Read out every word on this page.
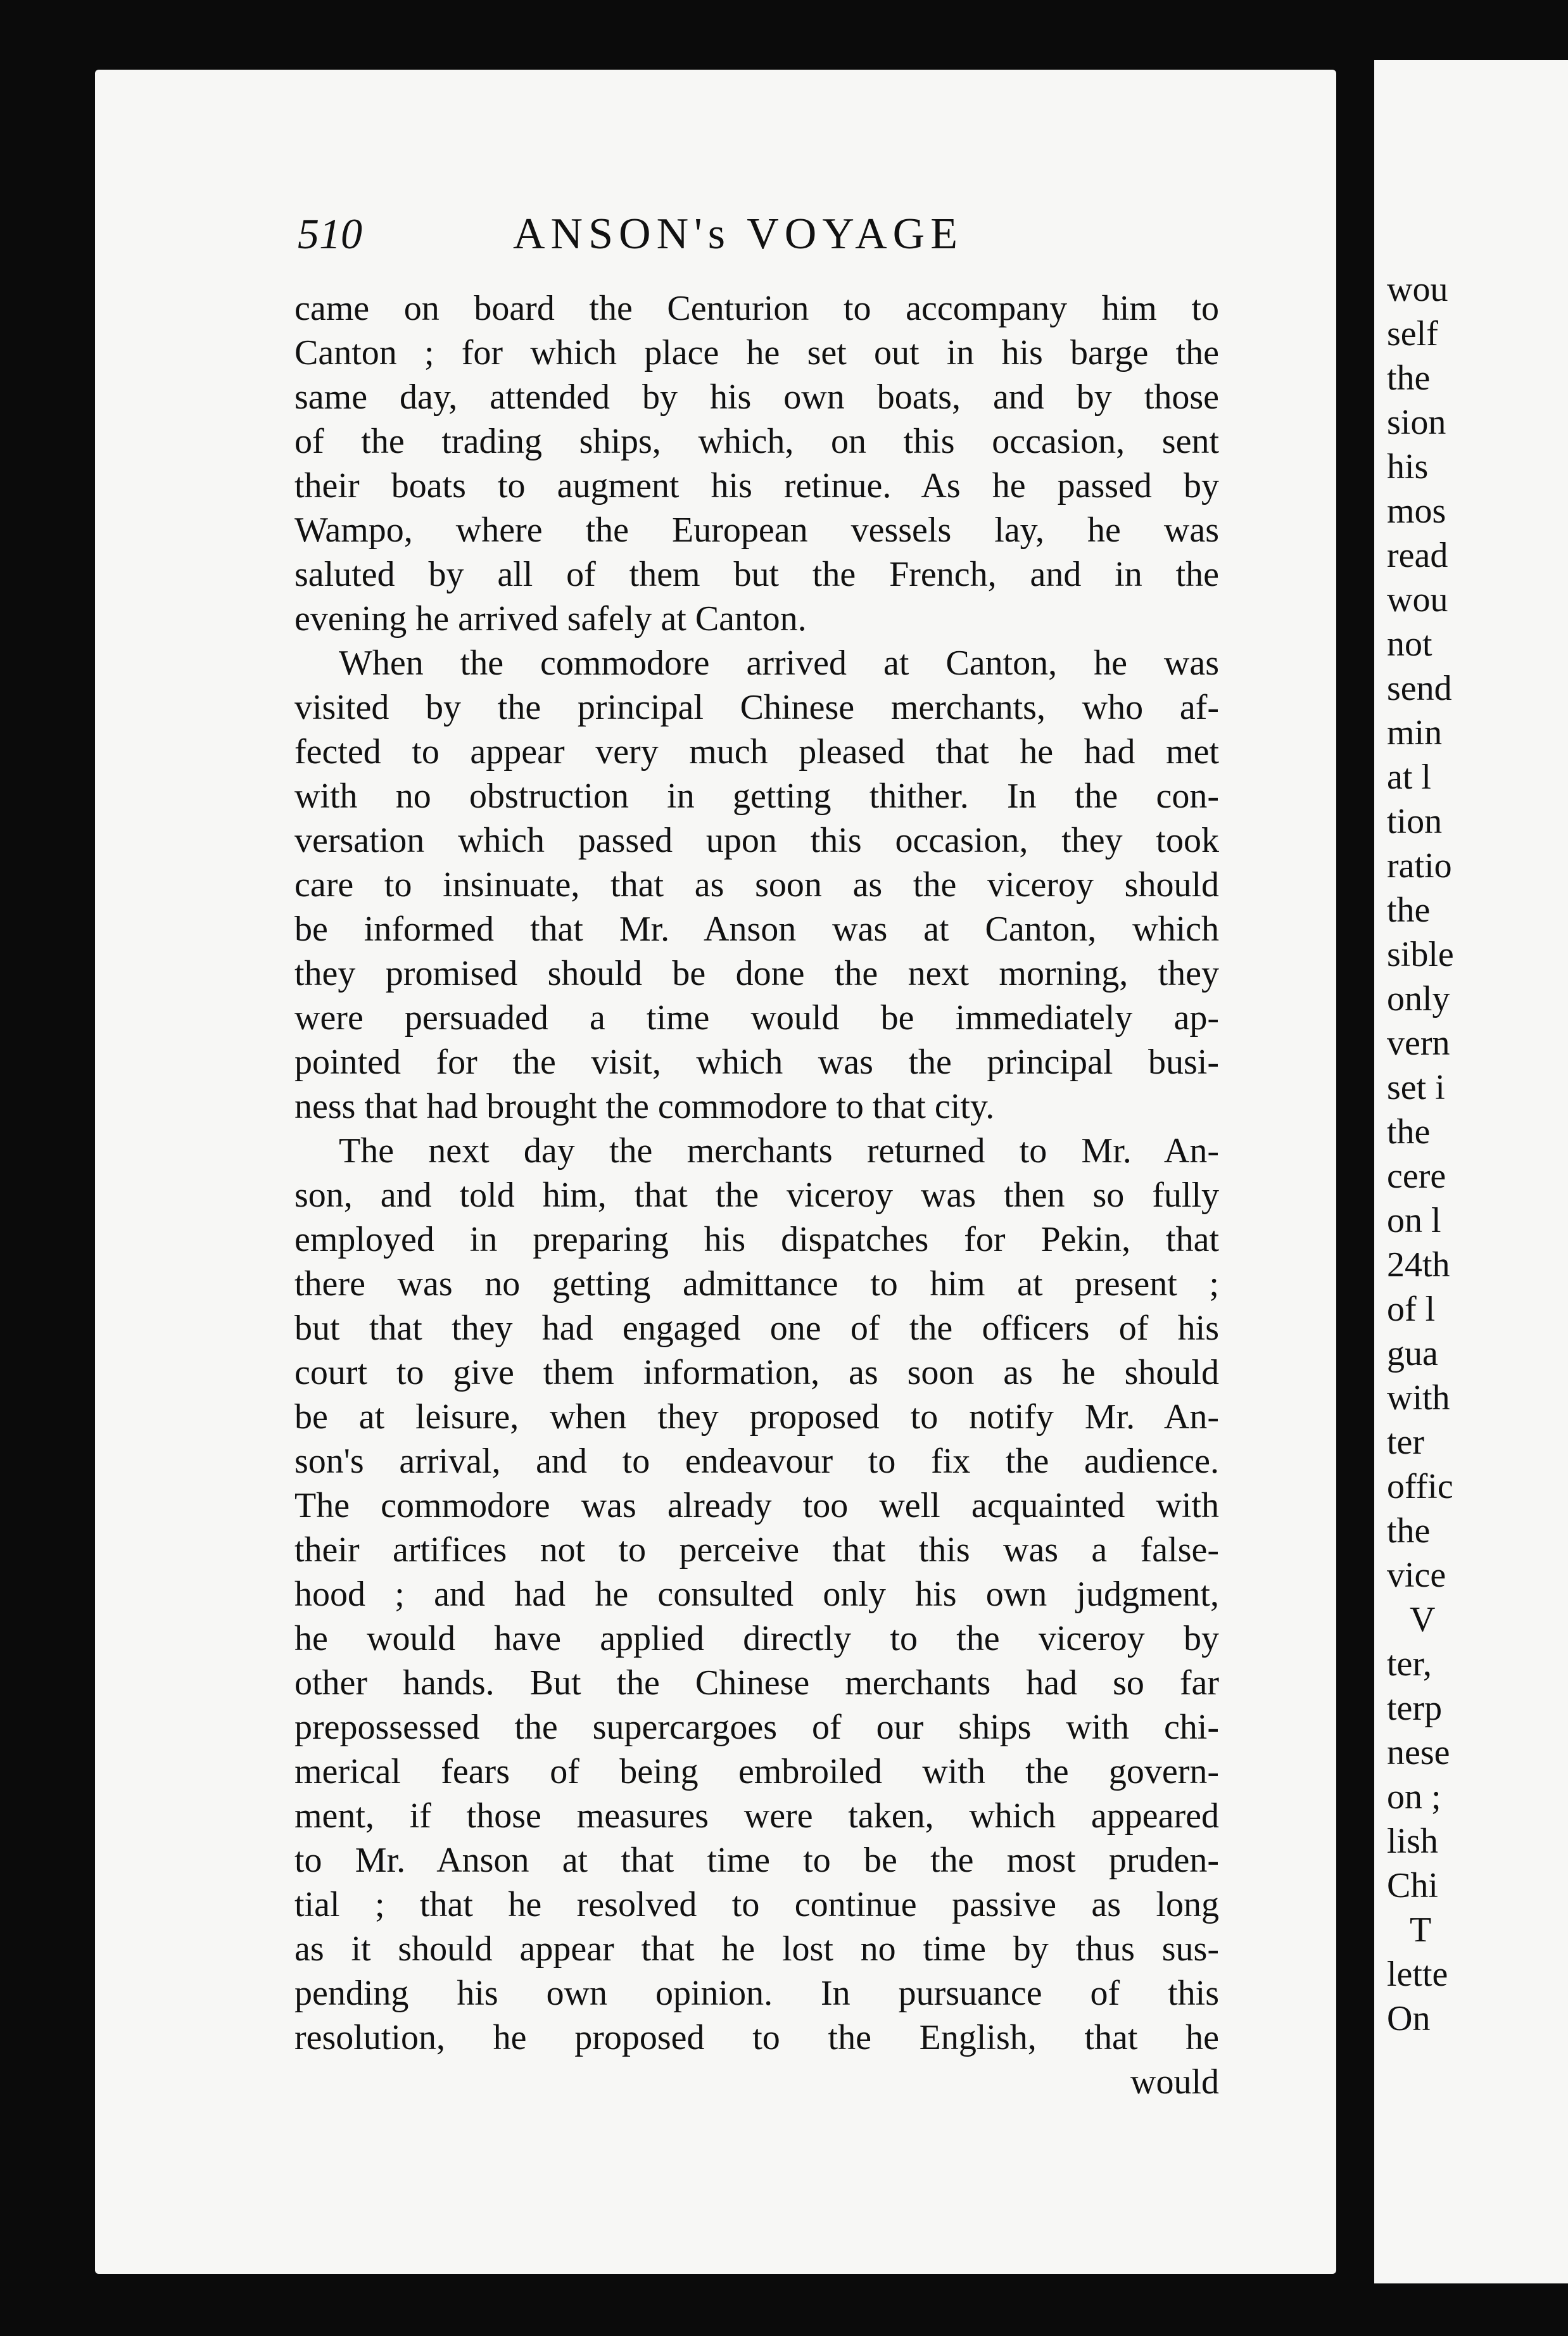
510	ANSON's VOYAGE
came on board the Centurion to accompany him to
Canton ; for which place he set out in his barge the
same day, attended by his own boats, and by those
of the trading ships, which, on this occasion, sent
their boats to augment his retinue. As he passed by
Wampo, where the European vessels lay, he was
saluted by all of them but the French, and in the
evening he arrived safely at Canton.
When the commodore arrived at Canton, he was
visited by the principal Chinese merchants, who af-
fected to appear very much pleased that he had met
with no obstruction in getting thither. In the con-
versation which passed upon this occasion, they took
care to insinuate, that as soon as the viceroy should
be informed that Mr. Anson was at Canton, which
they promised should be done the next morning, they
were persuaded a time would be immediately ap-
pointed for the visit, which was the principal busi-
ness that had brought the commodore to that city.
The next day the merchants returned to Mr. An-
son, and told him, that the viceroy was then so fully
employed in preparing his dispatches for Pekin, that
there was no getting admittance to him at present ;
but that they had engaged one of the officers of his
court to give them information, as soon as he should
be at leisure, when they proposed to notify Mr. An-
son's arrival, and to endeavour to fix the audience.
The commodore was already too well acquainted with
their artifices not to perceive that this was a false-
hood ; and had he consulted only his own judgment,
he would have applied directly to the viceroy by
other hands. But the Chinese merchants had so far
prepossessed the supercargoes of our ships with chi-
merical fears of being embroiled with the govern-
ment, if those measures were taken, which appeared
to Mr. Anson at that time to be the most pruden-
tial ; that he resolved to continue passive as long
as it should appear that he lost no time by thus sus-
pending his own opinion. In pursuance of this
resolution, he proposed to the English, that he
would
wou
self
the
sion
his
mos
read
wou
not
send
min
at l
tion
ratio
the
sible
only
vern
set i
the
cere
on l
24th
of l
gua
with
ter
offic
the
vice
V
ter,
terp
nese
on ;
lish
Chi
T
lette
On
